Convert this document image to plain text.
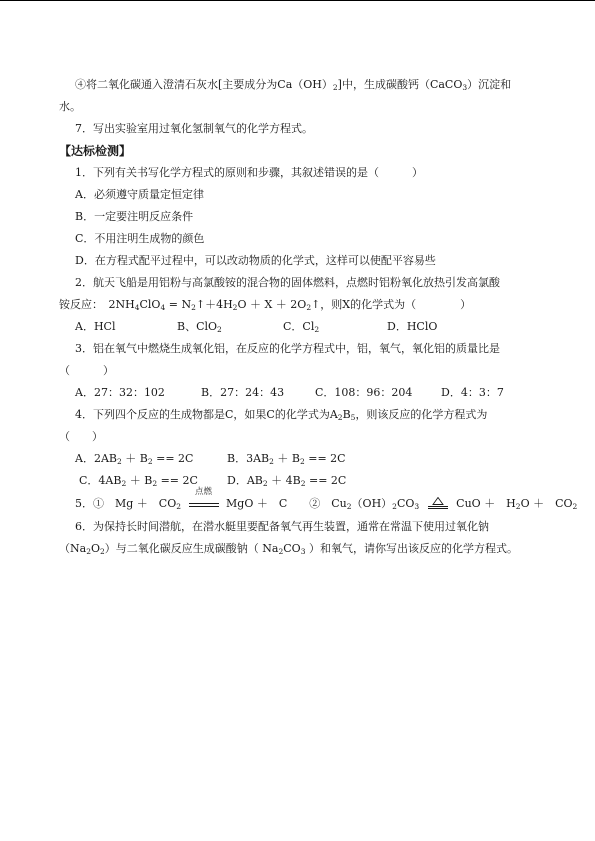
④将二氧化碳通入澄清石灰水[主要成分为$Ca(OH)_2$]中，生成碳酸钙（CaCO$_3$）沉淀和
水。
7．写出实验室用过氧化氢制氧气的化学方程式。
【达标检测】
1．下列有关书写化学方程式的原则和步骤，其叙述错误的是（　　　）
A．必须遵守质量定恒定律
B．一定要注明反应条件
C．不用注明生成物的颜色
D．在方程式配平过程中，可以改动物质的化学式，这样可以使配平容易些
2．航天飞船是用铝粉与高氯酸铵的混合物的固体燃料，点燃时铝粉氧化放热引发高氯酸
铵反应：　$2NH_4ClO_4$ = $N_2↑+4H_2O + X$ ＋ $2O_2↑$，则X的化学式为（　　　　）
A．HCl	B、ClO$_2$	C．$Cl_2$	D．HClO
3．铝在氧气中燃烧生成氧化铝，在反应的化学方程式中，铝，氧气，氧化铝的质量比是
（　　　）
A．27：32：102	B．27：24：43	C．108：96：204	D．4：3：7
4．下列四个反应的生成物都是C，如果C的化学式为$A_2B_5$，则该反应的化学方程式为
（　　）
A．$2AB_2 + B_2 == 2C$	B．$3AB_2 + B_2 == 2C$
C．$4AB_2 + B_2 == 2C$	D．$AB_2 + 4B_2 == 2C$
5．①　Mg ＋　$CO_2$
点燃
MgO ＋　C　　②　$Cu_2(OH)_2CO_3$	CuO ＋　$H_2O$ ＋　$CO_2$
6．为保持长时间潜航，在潜水艇里要配备氧气再生装置，通常在常温下使用过氧化钠
$(Na_2O_2)$与二氧化碳反应生成碳酸钠（ $Na_2CO_3$ ）和氧气，请你写出该反应的化学方程式。
